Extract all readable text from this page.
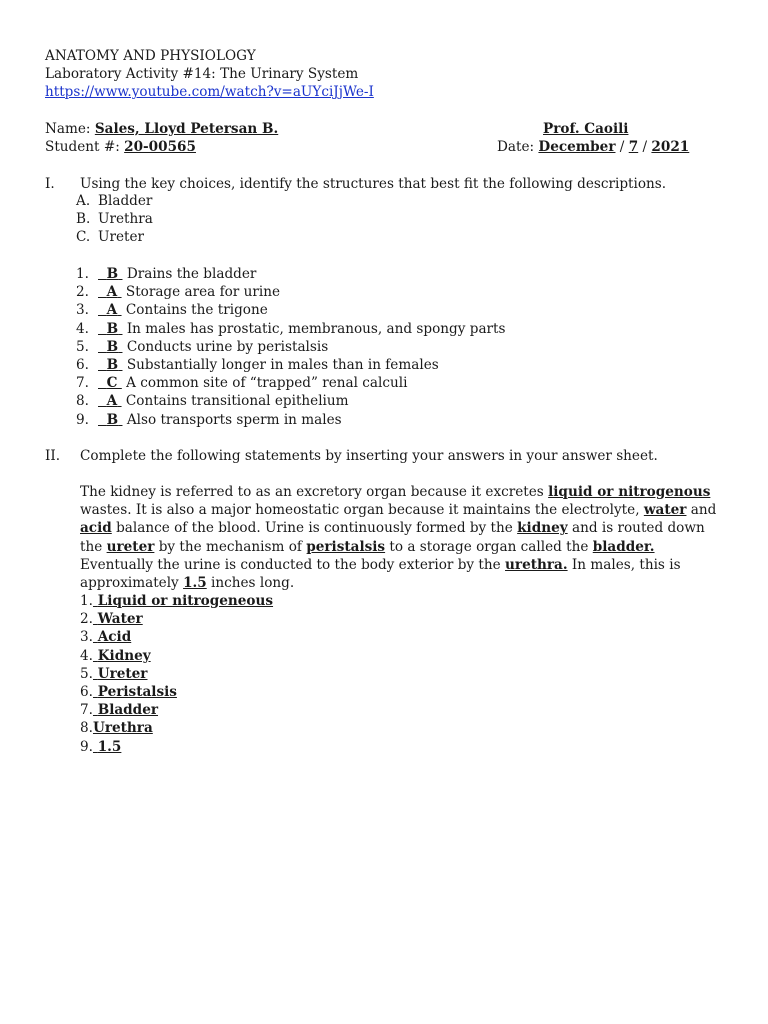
ANATOMY AND PHYSIOLOGY
Laboratory Activity #14: The Urinary System
https://www.youtube.com/watch?v=aUYciJjWe-I
Name: Sales, Lloyd Petersan B.	Prof. Caoili
Student #: 20-00565	Date: December / 7 / 2021
I. Using the key choices, identify the structures that best fit the following descriptions.
A. Bladder
B. Urethra
C. Ureter
1. B Drains the bladder
2. A Storage area for urine
3. A Contains the trigone
4. B In males has prostatic, membranous, and spongy parts
5. B Conducts urine by peristalsis
6. B Substantially longer in males than in females
7. C A common site of “trapped” renal calculi
8. A Contains transitional epithelium
9. B Also transports sperm in males
II. Complete the following statements by inserting your answers in your answer sheet.
The kidney is referred to as an excretory organ because it excretes liquid or nitrogenous wastes. It is also a major homeostatic organ because it maintains the electrolyte, water and acid balance of the blood. Urine is continuously formed by the kidney and is routed down the ureter by the mechanism of peristalsis to a storage organ called the bladder. Eventually the urine is conducted to the body exterior by the urethra. In males, this is approximately 1.5 inches long.
1. Liquid or nitrogeneous
2. Water
3. Acid
4. Kidney
5. Ureter
6. Peristalsis
7. Bladder
8.Urethra
9. 1.5
